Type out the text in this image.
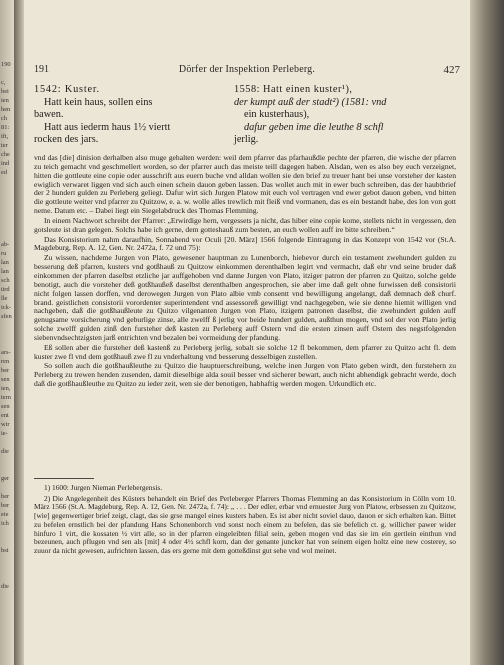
190

c,
bei
ien
hen
ch
81:
ift,
ter
che
ind
ed

ab-
ru
lan
lan
sch
ürd
lle
ick-
sfen

ars-
ren
ber
sen
ien,
tern
sen
ent
wir
ie-

die

ger

ber
ber
eie
ich

bst

die
191	Dörfer der Inspektion Perleberg.	427
1542: Kuster.
Hatt kein haus, sollen eins
bawen.
Hatt aus iederm haus 1½ viertt
rocken des jars.
1558: Hatt einen kuster¹),
der kumpt auß der stadt²) (1581: vnd
ein kusterhaus),
dafur geben ime die leuthe 8 schfl
jerlig.

vnd das [die] dinision derhalben also muge gehalten werden: weil dem pfarrer das pfarhaußdie pechte der pfarren, die wische der pfarren zu teich gemacht vnd geschmellert worden, so der pfarrer auch das meiste teill dagegen haben. Alsdan, wen es also bey euch verzeignet, hitten die gottleute eine copie oder ausschrift aus euern buche vnd alldan wollen sie den brief zu treuer hant bei unse vorsteher der kasten ewiglich verwaret liggen vnd sich auch einen schein dauon geben lassen. Das wollet auch mit in ewer buch schreiben, das der haubtbrief der 2 hundert gulden zu Perleberg geliegt. Dafur wirt sich Jurgen Platow mit euch vol vertragen vnd ewer gebot dauon geben, vnd bitten die gottleute weiter vnd pfarrer zu Quitzow, e. a. w. wolle alles trewlich mit fleiß vnd vormanen, das es ein bestandt habe, des lon von gott neme. Datum etc. – Dabei liegt ein Siegelabdruck des Thomas Flemming.

In einem Nachwort schreibt der Pfarrer: „Erwirdige hern, vergessets ja nicht, das hiber eine copie kome, stellets nicht in vergessen, den gotsleute ist dran gelegen. Solchs habe ich gerne, dem gotteshauß zum besten, an euch wollen auff ire bitte schreiben.“

Das Konsistorium nahm daraufhin, Sonnabend vor Oculi [20. März] 1566 folgende Eintragung in das Konzept von 1542 vor (St.A. Magdeburg, Rep. A. 12, Gen. Nr. 2472a, f. 72 und 75):

Zu wissen, nachdeme Jurgen von Plato, gewesener hauptman zu Lunenborch, hiebevor durch ein testament zwehundert gulden zu besserung deß pfarren, kusters vnd gotßhauß zu Quitzow einkommen derenthalben legirt vnd vermacht, daß ehr vnd seine bruder daß einkommen der pfarren daselbst etzliche jar auffgehoben vnd danne Jurgen von Plato, itziger patron der pfarren zu Quitzo, solche gelde benotigt, auch die vorsteher deß gotßhaußeß daselbst derenthalben angesprochen, sie aber ime daß gelt ohne furwissen deß consistorii nicht folgen lassen dorffen, vnd derowegen Jurgen von Plato albie vmb consentt vnd bewilligung angelangt, daß demnach deß churf. brand. geistlichen consistorii vorordenter superintendent vnd assessoreß gewilligt vnd nachgegeben, wie sie denne hiemit willigen vnd nachgeben, daß die gotßhaußleute zu Quitzo vilgenanten Jurgen von Plato, itzigem patronen daselbst, die zwehundert gulden auff genugsame vorsicherung vnd geburlige zinse, alle zwelff ß jerlig vor beide hundert gulden, außthun mogen, vnd sol der von Plato jerlig solche zwelff gulden zinß den fursteher deß kasten zu Perleberg auff Ostern vnd die ersten zinsen auff Ostern des negstfolgenden siebenvndsechtzigsten jarß entrichten vnd bezalen bei vormeidung der pfandung.

Eß sollen aber die fursteher deß kastenß zu Perleberg jerlig, sobalt sie solche 12 fl bekommen, dem pfarrer zu Quitzo acht fl. dem kuster zwe fl vnd dem gotßhauß zwe fl zu vnderhaltung vnd besserung desselbigen zustellen.

So sollen auch die gotßhaußleuthe zu Quitzo die hauptuerschreibung, welche inen Jurgen von Plato geben wirdt, den furstehern zu Perleberg zu trewen henden zusenden, damit dieselbige alda souil besser vnd sicherer bewart, auch nicht abhendigk gebracht werde, doch daß die gotßhaußleuthe zu Quitzo zu ieder zeit, wen sie der benotigen, habhaftig werden mogen. Urkundlich etc.

1) 1600: Jurgen Nieman Perlebergensis.

2) Die Angelegenheit des Küsters behandelt ein Brief des Perleberger Pfarrers Thomas Flemming an das Konsistorium in Cölln vom 10. März 1566 (St.A. Magdeburg, Rep. A. 12, Gen. Nr. 2472a, f. 74): „ . . . Der edler, erbar vnd ernuester Jurg von Platow, erbsessen zu Quitzow, [wie] gegenwertiger brief zeigt, clagt, das sie grse mangel eines kusters haben. Es ist aber nicht soviel dauo, dauon er sich erhalten kan. Bittet zu befelen ernstlich bei der pfandung Hans Schonenborch vnd sonst noch einem zu befelen, das sie befelich ct. g. willicher pawer wider hinfuro 1 virt, die kossaten ½ virt alle, so in der pfarren eingeleibten filial sein, geben mogen vnd das sie im ein gertlein einthun vnd bezeunen, auch pflugen vnd sen als [mit] 4 oder 4½ schfl korn, dan der genante juncker hat von seinem eigen holtz eine new costerey, so zuuor da nicht gewesen, aufrichten lassen, das ers gerne mit dem gotteßdinst gut sehe vnd wol meinet.
